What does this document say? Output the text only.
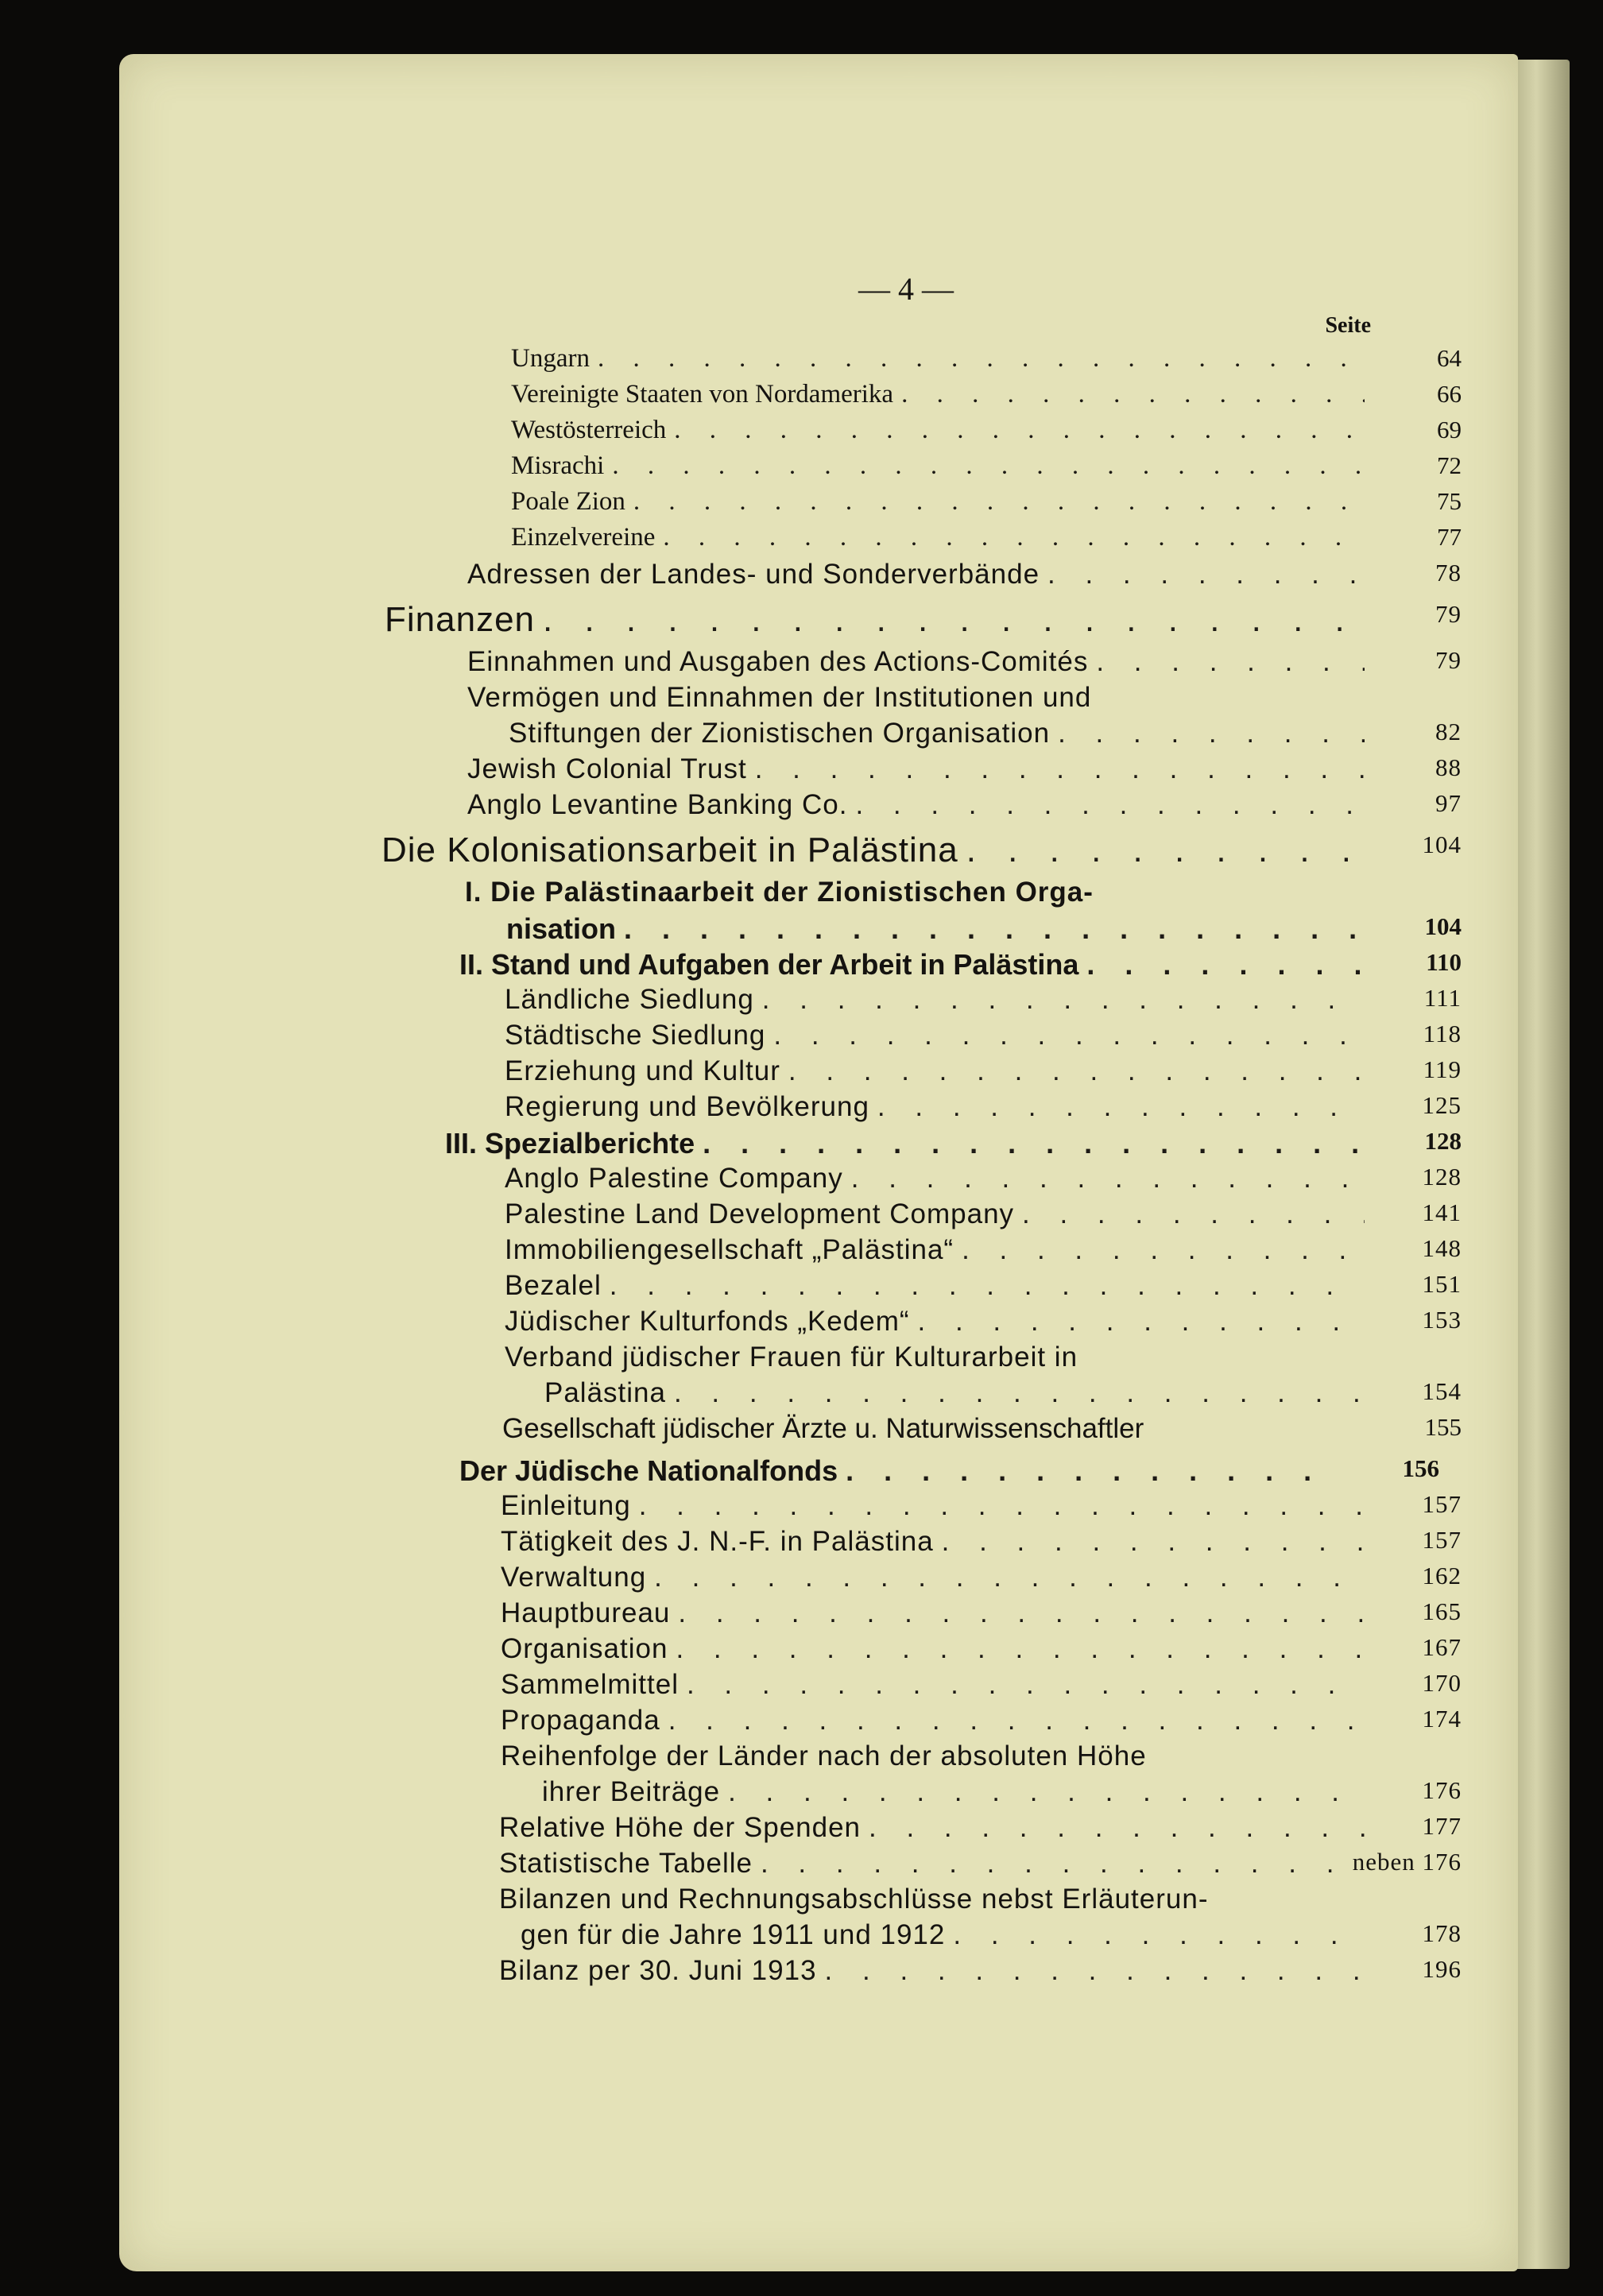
— 4 —
Seite
Ungarn . . .	64
Vereinigte Staaten von Nordamerika . . .	66
Westösterreich . . .	69
Misrachi . . .	72
Poale Zion . . .	75
Einzelvereine . . .	77
Adressen der Landes- und Sonderverbände . . .	78
Finanzen . . .	79
Einnahmen und Ausgaben des Actions-Comités . . .	79
Vermögen und Einnahmen der Institutionen und
Stiftungen der Zionistischen Organisation . . .	82
Jewish Colonial Trust . . .	88
Anglo Levantine Banking Co. . . .	97
Die Kolonisationsarbeit in Palästina . . .	104
I. Die Palästinaarbeit der Zionistischen Orga-
nisation . . .	104
II. Stand und Aufgaben der Arbeit in Palästina . . .	110
Ländliche Siedlung . . .	111
Städtische Siedlung . . .	118
Erziehung und Kultur . . .	119
Regierung und Bevölkerung . . .	125
III. Spezialberichte . . .	128
Anglo Palestine Company . . .	128
Palestine Land Development Company . . .	141
Immobiliengesellschaft „Palästina“ . . .	148
Bezalel . . .	151
Jüdischer Kulturfonds „Kedem“ . . .	153
Verband jüdischer Frauen für Kulturarbeit in
Palästina . . .	154
Gesellschaft jüdischer Ärzte u. Naturwissenschaftler	155
Der Jüdische Nationalfonds . . .	156
Einleitung . . .	157
Tätigkeit des J. N.-F. in Palästina . . .	157
Verwaltung . . .	162
Hauptbureau . . .	165
Organisation . . .	167
Sammelmittel . . .	170
Propaganda . . .	174
Reihenfolge der Länder nach der absoluten Höhe
ihrer Beiträge . . .	176
Relative Höhe der Spenden . . .	177
Statistische Tabelle . . .	neben 176
Bilanzen und Rechnungsabschlüsse nebst Erläuterun-
gen für die Jahre 1911 und 1912 . . .	178
Bilanz per 30. Juni 1913 . . .	196
